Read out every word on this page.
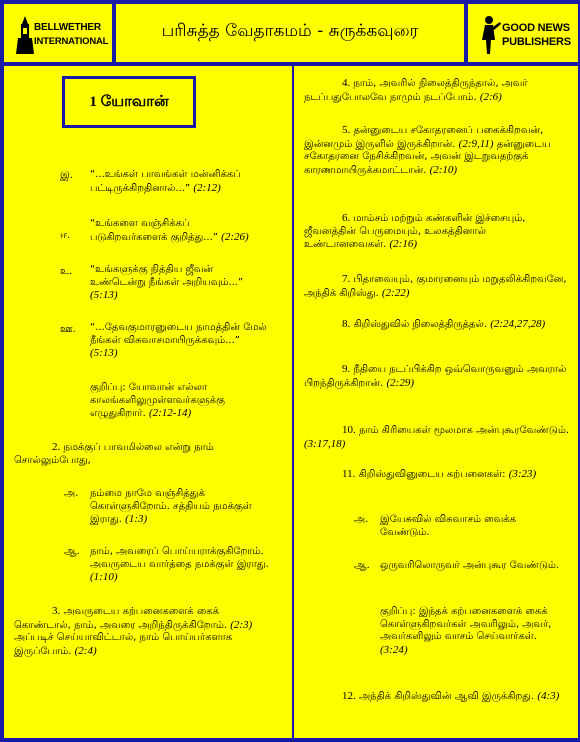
BELLWETHER
INTERNATIONAL
பரிசுத்த வேதாகமம் - சுருக்கவுரை	GOOD NEWS
PUBLISHERS
1 யோவான்
இ. “...உங்கள் பாவங்கள் மன்னிக்கப் பட்டிருக்கிறதினால்...” (2:12)
ஈ.
“உங்களை வஞ்சிக்கப் படுகிறவர்களைக் குறித்து...” (2:26)
உ. “உங்களுக்கு நித்திய ஜீவன் உண்டென்று நீங்கள் அறியவும்...” (5:13)
ஊ. “...தேவகுமாரனுடைய நாமத்தின் மேல் நீங்கள் விசுவாசமாயிருக்கவும்...” (5:13)
குறிப்பு: யோவான் எல்லா காலங்களிலுமுள்ளவர்களுக்கு எழுதுகிறார். (2:12-14)
2. நமக்குப் பாவமில்லை என்று நாம் சொல்லும்போது,
அ. நம்மை நாமே வஞ்சித்துக் கொள்ளுகிறோம். சத்தியம் நமக்குள் இராது. (1:3)
ஆ. நாம், அவரைப் பொய்யராக்குகிறோம். அவருடைய வார்த்தை நமக்குள் இராது. (1:10)
3. அவருடைய கற்பனைகளைக் கைக் கொண்டால், நாம், அவரை அறிந்திருக்கிறோம். (2:3) அப்படிச் செய்யாவிட்டால், நாம் பொய்யர்களாக இருப்போம். (2:4)
4. நாம், அவரில் நிலைத்திருந்தால், அவர் நடப்பதுபோலவே நாமும் நடப்போம். (2:6)
5. தன்னுடைய சகோதரனைப் பகைக்கிறவன், இன்னமும் இருளில் இருக்கிறான். (2:9,11) தன்னுடைய சகோதரனை நேசிக்கிறவன், அவன் இடறுவதற்குக் காரணமாயிருக்கமாட்டான். (2:10)
6. மாம்சம் மற்றும் கண்களின் இச்சையும், ஜீவனத்தின் பெருமையும், உலகத்தினால் உண்டானவைகள். (2:16)
7. பிதாவையும், குமாரனையும் மறுதலிக்கிறவனே, அந்திக் கிறிஸ்து. (2:22)
8. கிறிஸ்துவில் நிலைத்திருத்தல். (2:24,27,28)
9. நீதியை நடப்பிக்கிற ஒவ்வொருவனும் அவரால் பிறந்திருக்கிறான். (2:29)
10. நாம் கிரியைகள் மூலமாக அன்புகூரவேண்டும். (3:17,18)
11. கிறிஸ்துவினுடைய கற்பனைகள்: (3:23)
அ. இயேசுவில் விசுவாசம் வைக்க வேண்டும்.
ஆ. ஒருவரிலொருவர் அன்புகூர வேண்டும்.
குறிப்பு: இந்தக் கற்பனைகளைக் கைக் கொள்ளுகிறவர்கள் அவரிலும், அவர், அவர்களிலும் வாசம் செய்வார்கள். (3:24)
12. அந்திக் கிறிஸ்துவின் ஆவி இருக்கிறது. (4:3)
